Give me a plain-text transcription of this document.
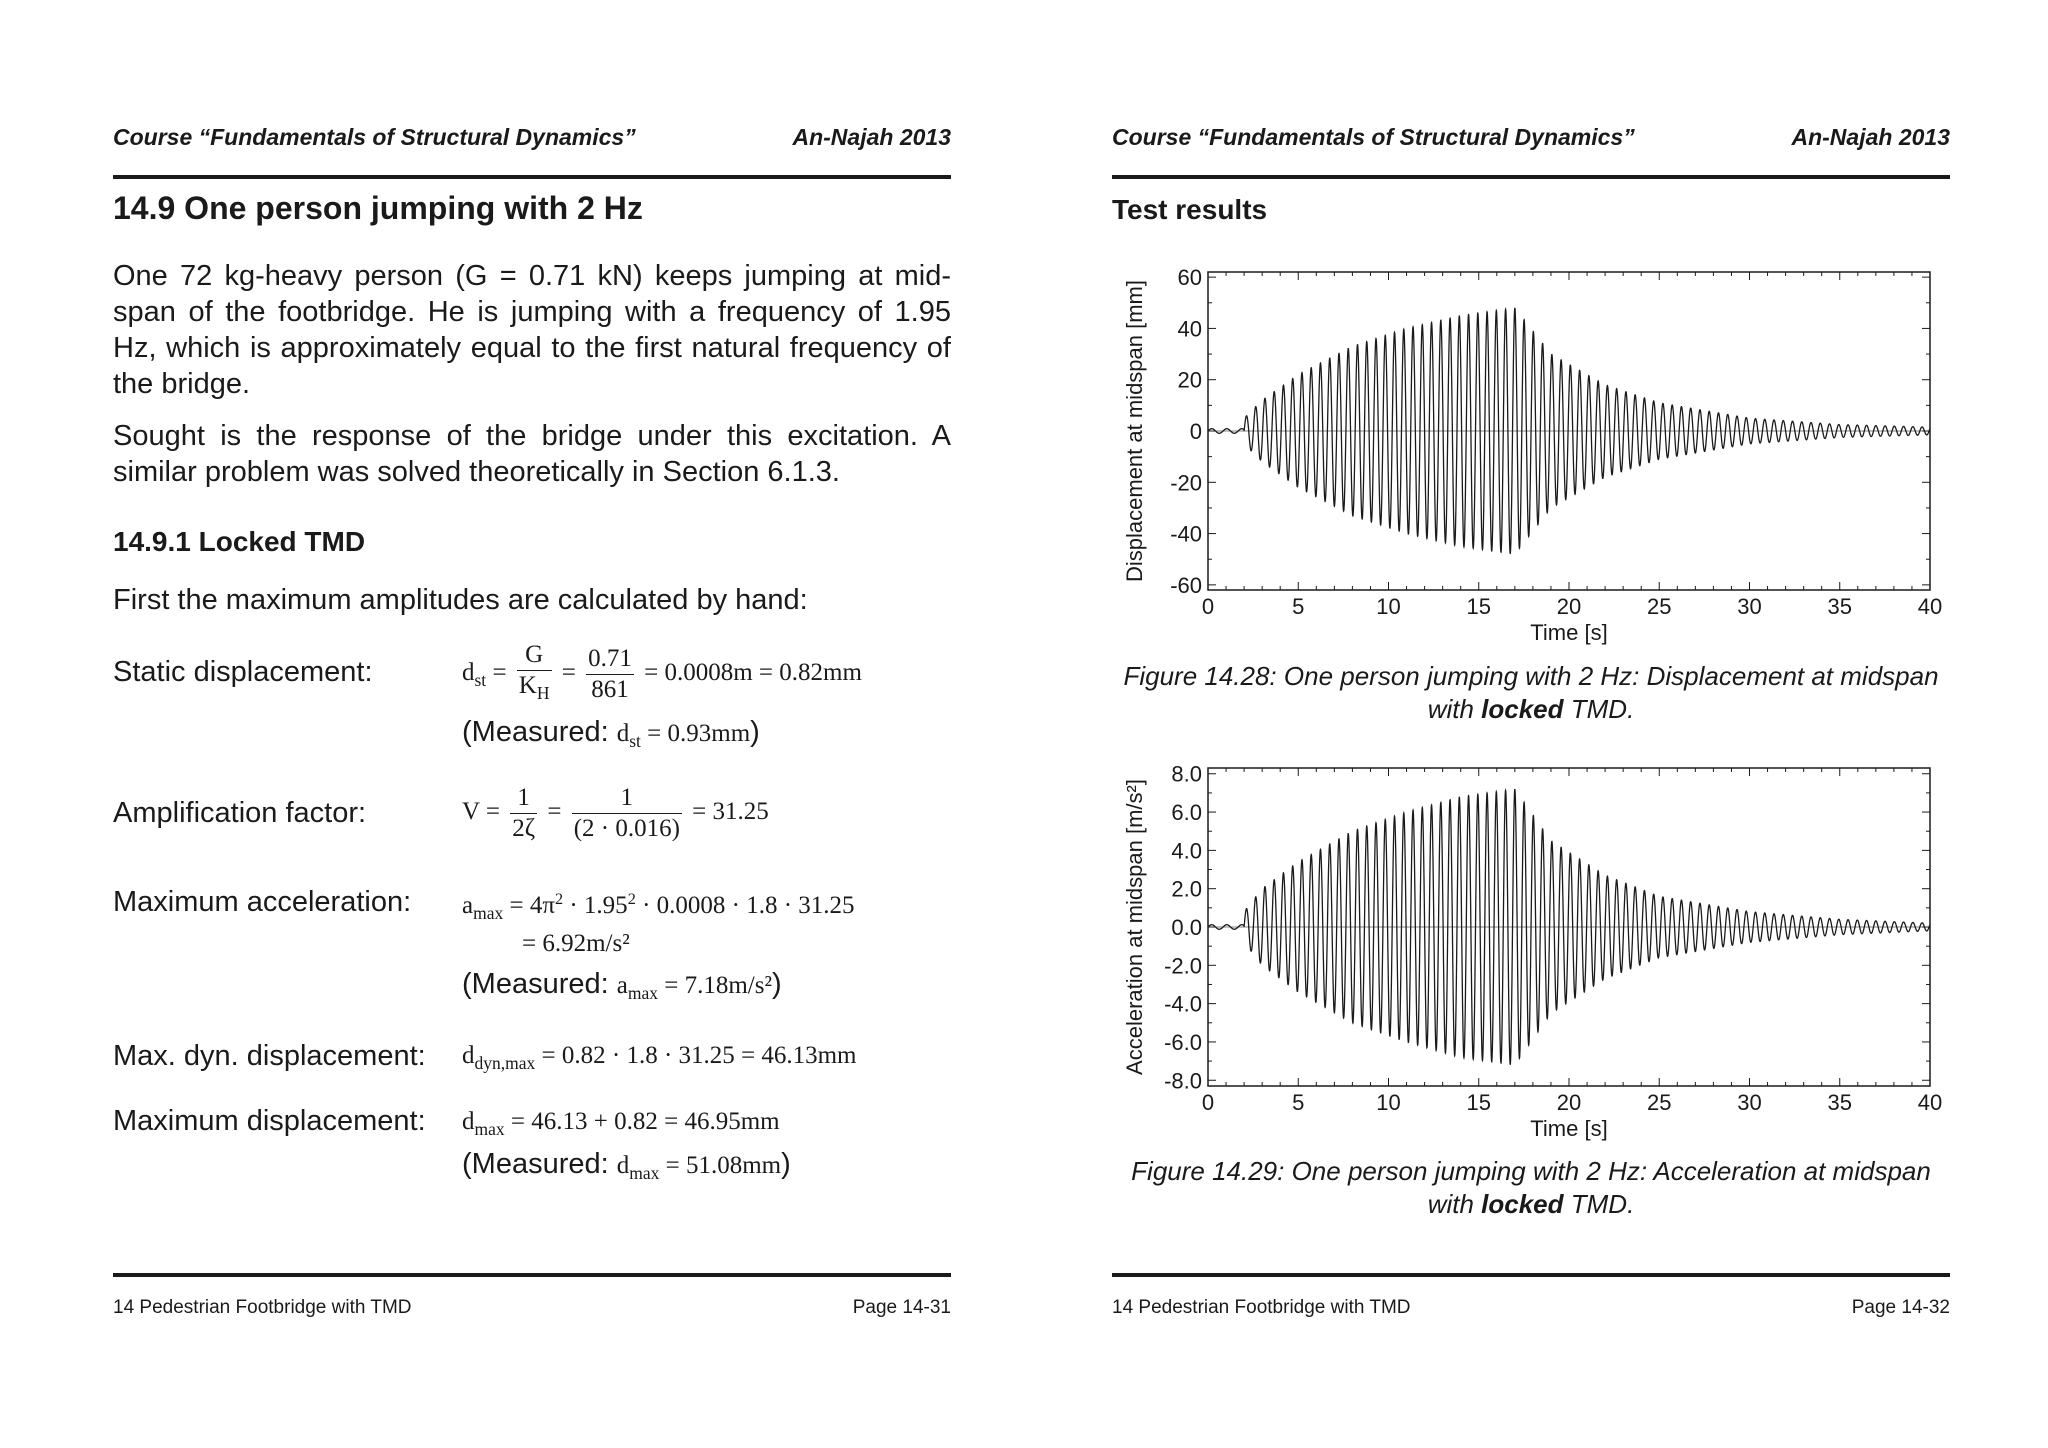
Course “Fundamentals of Structural Dynamics”	An-Najah 2013
14.9 One person jumping with 2 Hz

One 72 kg-heavy person (G = 0.71 kN) keeps jumping at mid-span of the footbridge. He is jumping with a frequency of 1.95 Hz, which is approximately equal to the first natural frequency of the bridge.

Sought is the response of the bridge under this excitation. A similar problem was solved theoretically in Section 6.1.3.

14.9.1 Locked TMD
First the maximum amplitudes are calculated by hand:
Static displacement:	$d_{st} = \frac{G}{K_H} = \frac{0.71}{861} = 0.0008m = 0.82mm$
(Measured: $d_{st} = 0.93mm$)
Amplification factor:	$V = \frac{1}{2\zeta} = \frac{1}{(2 \cdot 0.016)} = 31.25$
Maximum acceleration: $a_{max} = 4\pi^2 \cdot 1.95^2 \cdot 0.0008 \cdot 1.8 \cdot 31.25$
= 6.92m/s²
(Measured: $a_{max} = 7.18m/s^2$)
Max. dyn. displacement: $d_{dyn,max} = 0.82 \cdot 1.8 \cdot 31.25 = 46.13mm$
Maximum displacement: $d_{max} = 46.13 + 0.82 = 46.95mm$
(Measured: $d_{max} = 51.08mm$)
14 Pedestrian Footbridge with TMD	Page 14-31
Course “Fundamentals of Structural Dynamics”	An-Najah 2013
Test results
0	5	10	15	20	25	30	35	40
60
40
20
0
-20
-40
-60
Time [s]
Displacement at midspan [mm]
Figure 14.28: One person jumping with 2 Hz: Displacement at midspan with locked TMD.
0	5	10	15	20	25	30	35	40
8.0
6.0
4.0
2.0
0.0
-2.0
-4.0
-6.0
-8.0
Time [s]
Acceleration at midspan [m/s²]
Figure 14.29: One person jumping with 2 Hz: Acceleration at midspan with locked TMD.
14 Pedestrian Footbridge with TMD	Page 14-32
